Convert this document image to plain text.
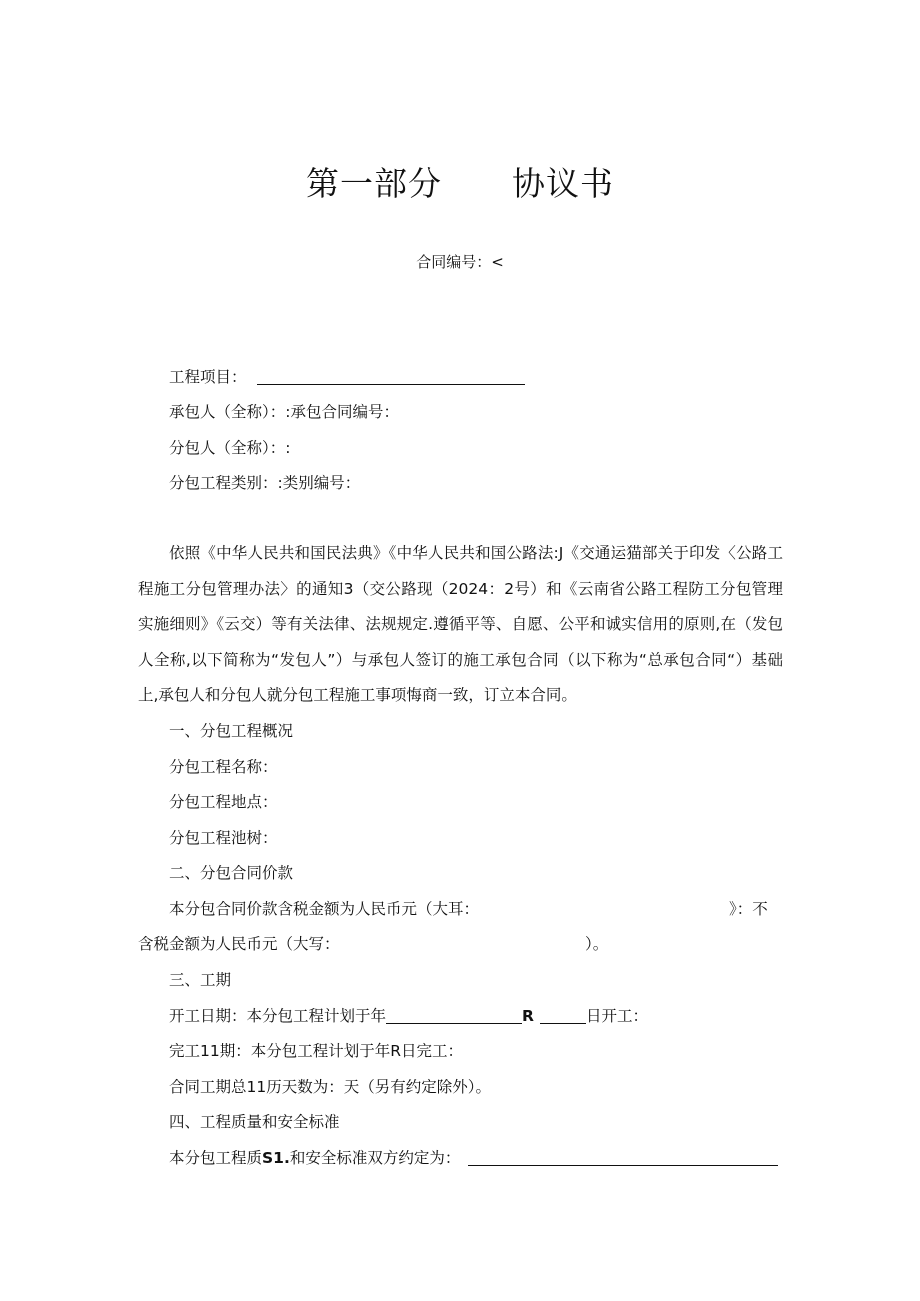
第一部分 协议书
合同编号：<
工程项目：
承包人（全称）：:承包合同编号：
分包人（全称）：:
分包工程类别：:类别编号：
依照《中华人民共和国民法典》《中华人民共和国公路法:J《交通运猫部关于印发〈公路工程施工分包管理办法〉的通知3（交公路现（2024：2号）和《云南省公路工程防工分包管理实施细则》《云交）等有关法律、法规规定.遵循平等、自愿、公平和诚实信用的原则,在（发包人全称,以下简称为“发包人”）与承包人签订的施工承包合同（以下称为“总承包合同“）基础上,承包人和分包人就分包工程施工事项悔商一致，订立本合同。
一、分包工程概况
分包工程名称：
分包工程地点：
分包工程池树：
二、分包合同价款
本分包合同价款含税金额为人民币元（大耳：	》：不
含税金额为人民币元（大写：	）。
三、工期
开工日期：本分包工程计划于年	R	日开工：
完工11期：本分包工程计划于年R日完工：
合同工期总11历天数为：天（另有约定除外）。
四、工程质量和安全标准
本分包工程质S1.和安全标准双方约定为：
